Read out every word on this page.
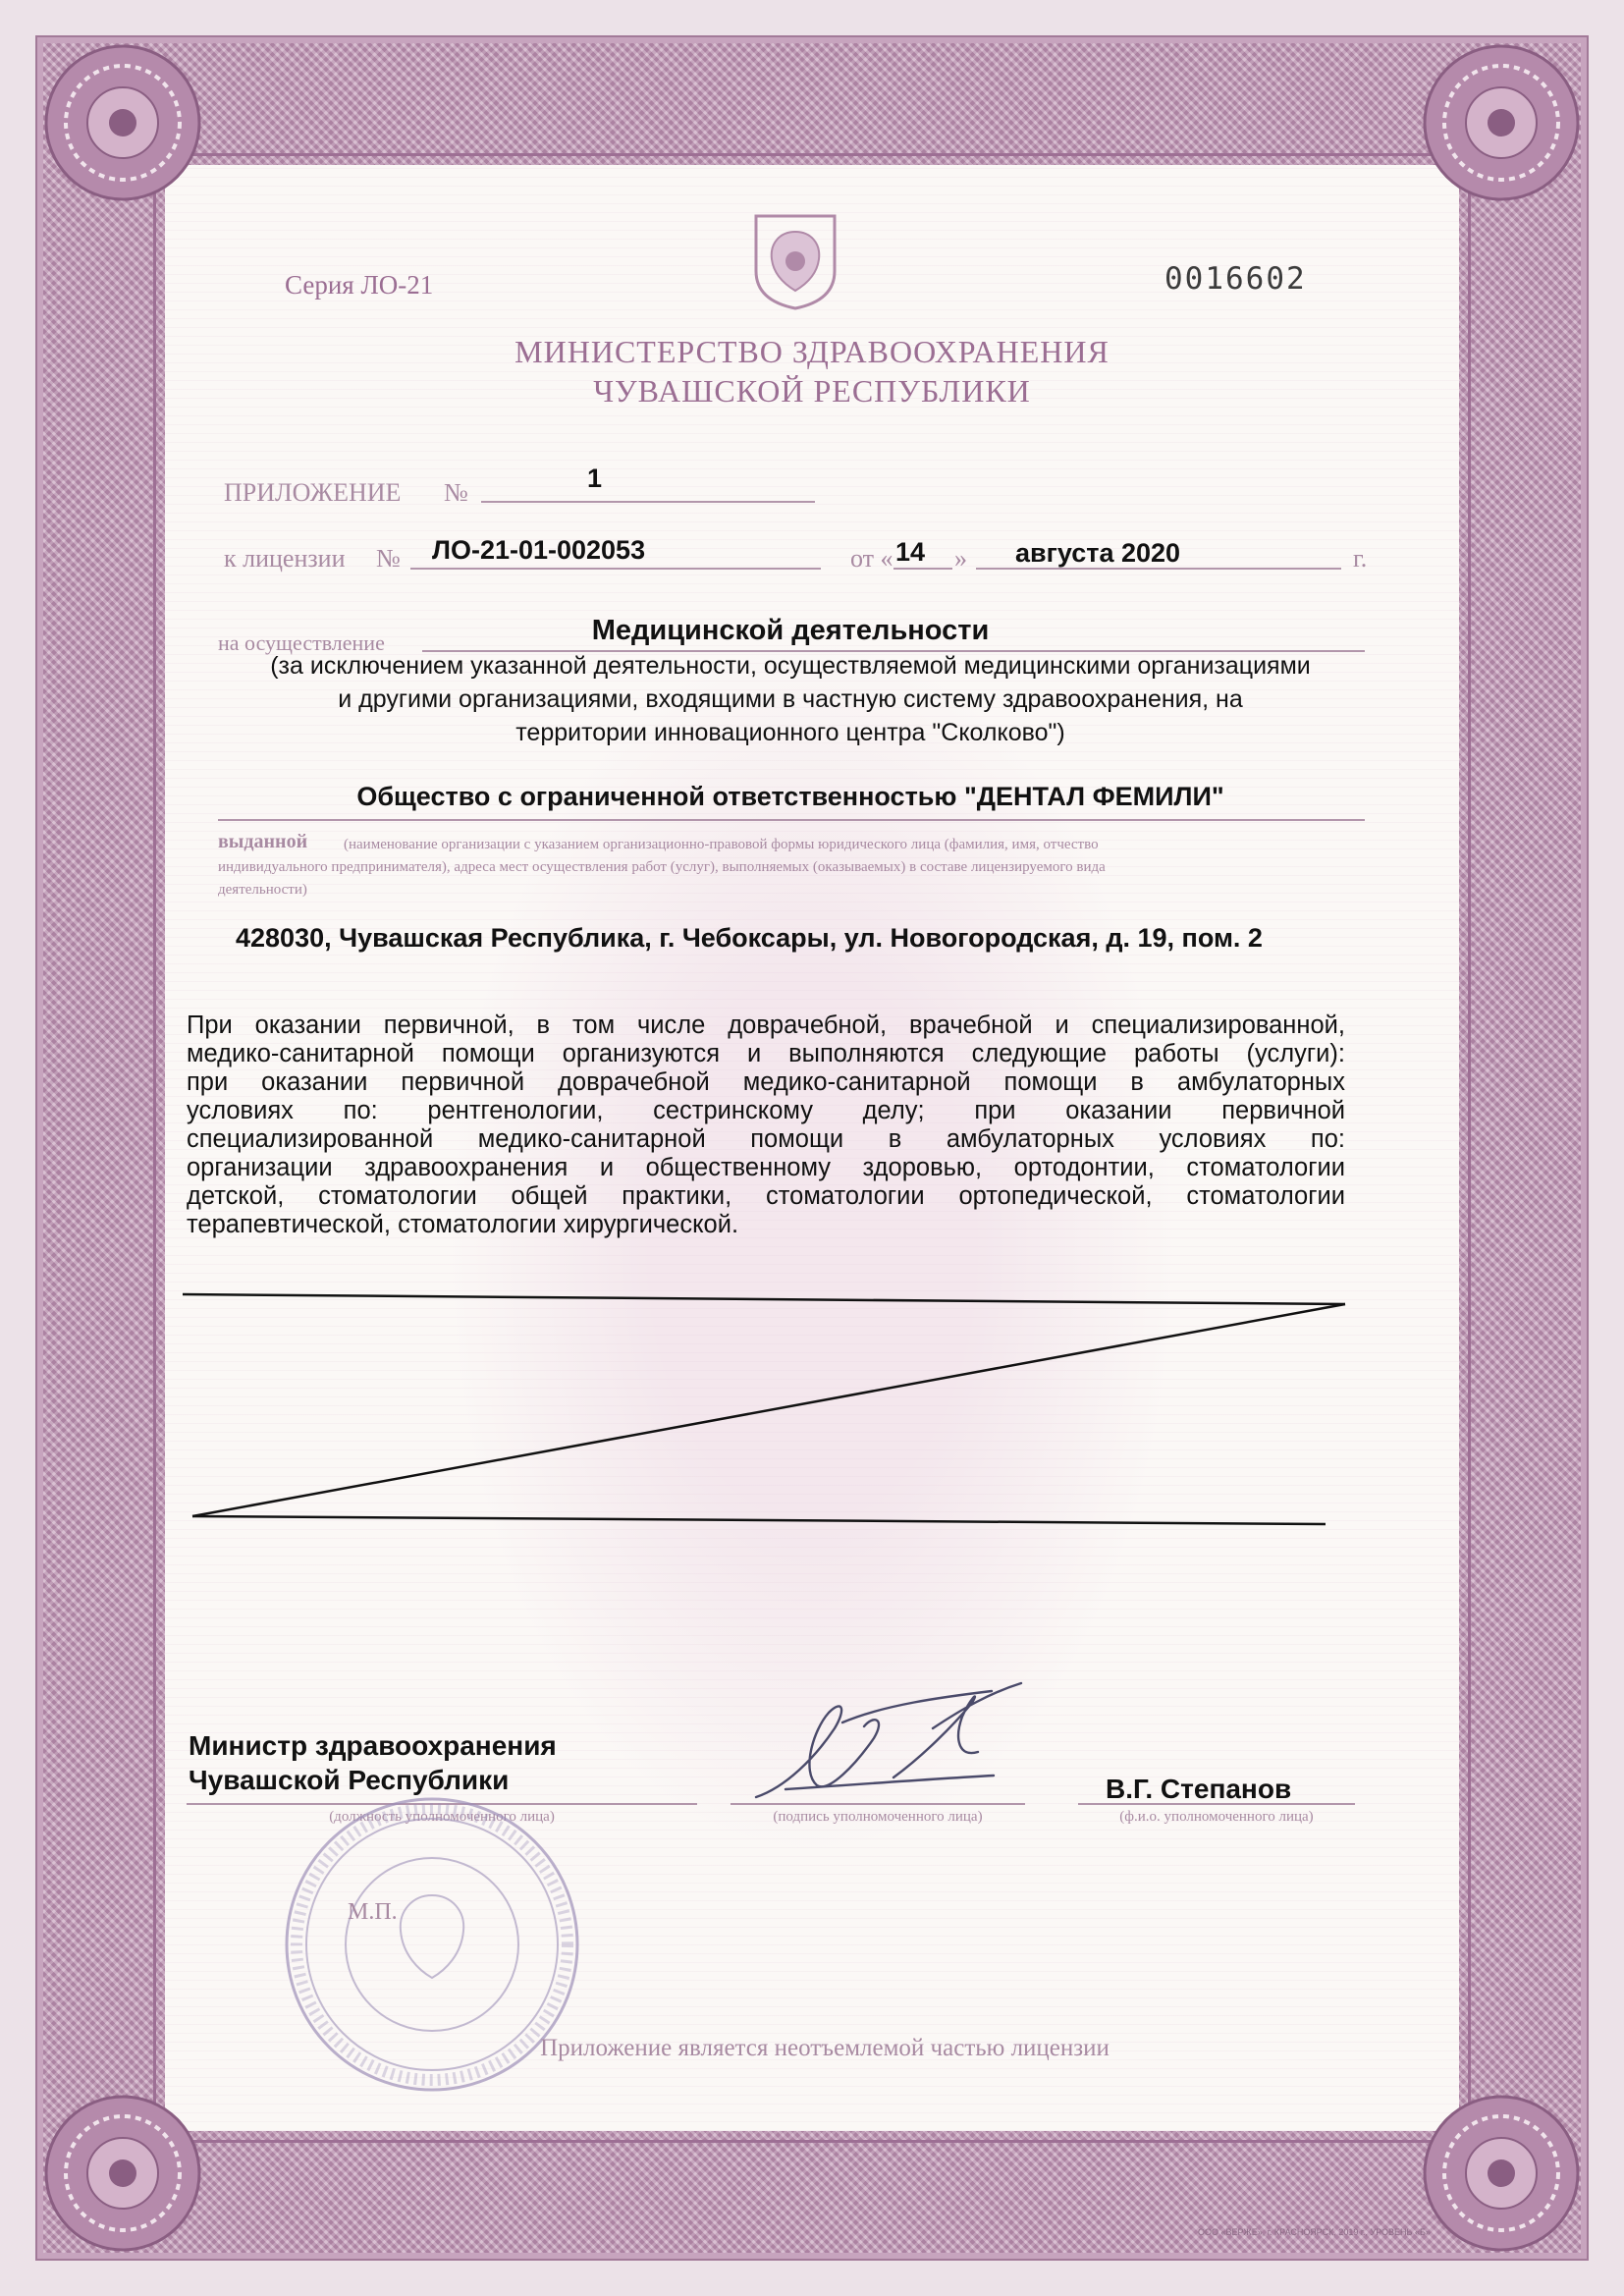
Серия ЛО-21	0016602
МИНИСТЕРСТВО ЗДРАВООХРАНЕНИЯ
ЧУВАШСКОЙ РЕСПУБЛИКИ
ПРИЛОЖЕНИЕ №	1
к лицензии № ЛО-21-01-002053	от « 14 » августа 2020	г.
на осуществление	Медицинской деятельности
(за исключением указанной деятельности, осуществляемой медицинскими организациями
и другими организациями, входящими в частную систему здравоохранения, на
территории инновационного центра "Сколково")
Общество с ограниченной ответственностью "ДЕНТАЛ ФЕМИЛИ"
выданной	(наименование организации с указанием организационно-правовой формы юридического лица (фамилия, имя, отчество
индивидуального предпринимателя), адреса мест осуществления работ (услуг), выполняемых (оказываемых) в составе лицензируемого вида
деятельности)
428030, Чувашская Республика, г. Чебоксары, ул. Новогородская, д. 19, пом. 2
При оказании первичной, в том числе доврачебной, врачебной и специализированной,
медико-санитарной помощи организуются и выполняются следующие работы (услуги):
при оказании первичной доврачебной медико-санитарной помощи в амбулаторных
условиях по: рентгенологии, сестринскому делу; при оказании первичной
специализированной медико-санитарной помощи в амбулаторных условиях по:
организации здравоохранения и общественному здоровью, ортодонтии, стоматологии
детской, стоматологии общей практики, стоматологии ортопедической, стоматологии
терапевтической, стоматологии хирургической.
Министр здравоохранения
Чувашской Республики
(должность уполномоченного лица)	(подпись уполномоченного лица)
В.Г. Степанов
(ф.и.о. уполномоченного лица)
М.П.
Приложение является неотъемлемой частью лицензии
ООО «ВЕРЖЕ», г. КРАСНОЯРСК, 2019 г., УРОВЕНЬ «Б»
